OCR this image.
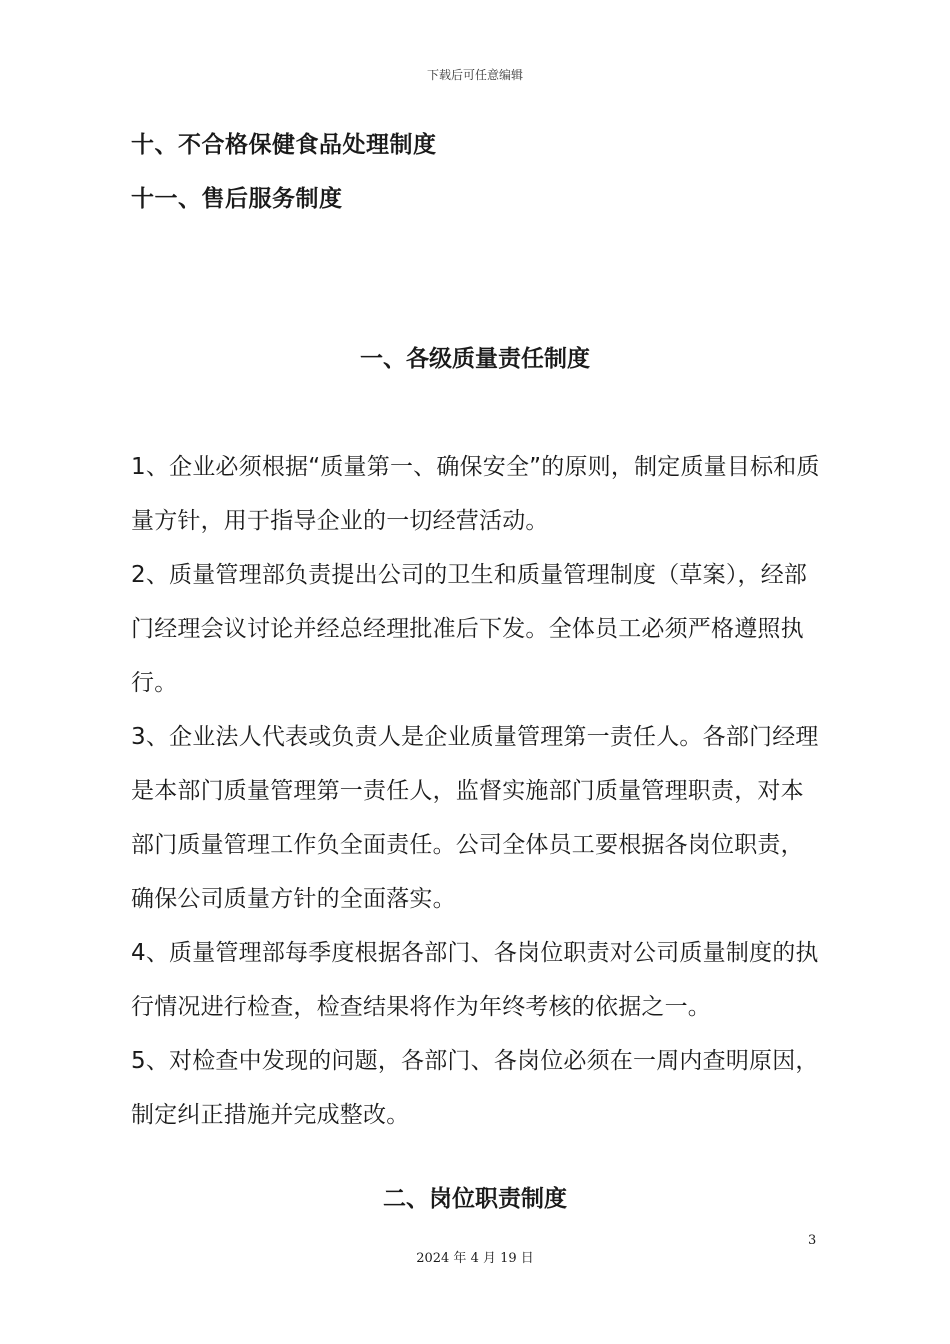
下载后可任意编辑
十、不合格保健食品处理制度
十一、售后服务制度
一、各级质量责任制度
1、企业必须根据“质量第一、确保安全”的原则，制定质量目标和质
量方针，用于指导企业的一切经营活动。
2、质量管理部负责提出公司的卫生和质量管理制度（草案），经部
门经理会议讨论并经总经理批准后下发。全体员工必须严格遵照执
行。
3、企业法人代表或负责人是企业质量管理第一责任人。各部门经理
是本部门质量管理第一责任人，监督实施部门质量管理职责，对本
部门质量管理工作负全面责任。公司全体员工要根据各岗位职责，
确保公司质量方针的全面落实。
4、质量管理部每季度根据各部门、各岗位职责对公司质量制度的执
行情况进行检查，检查结果将作为年终考核的依据之一。
5、对检查中发现的问题，各部门、各岗位必须在一周内查明原因，
制定纠正措施并完成整改。
二、岗位职责制度
3
2024 年 4 月 19 日
